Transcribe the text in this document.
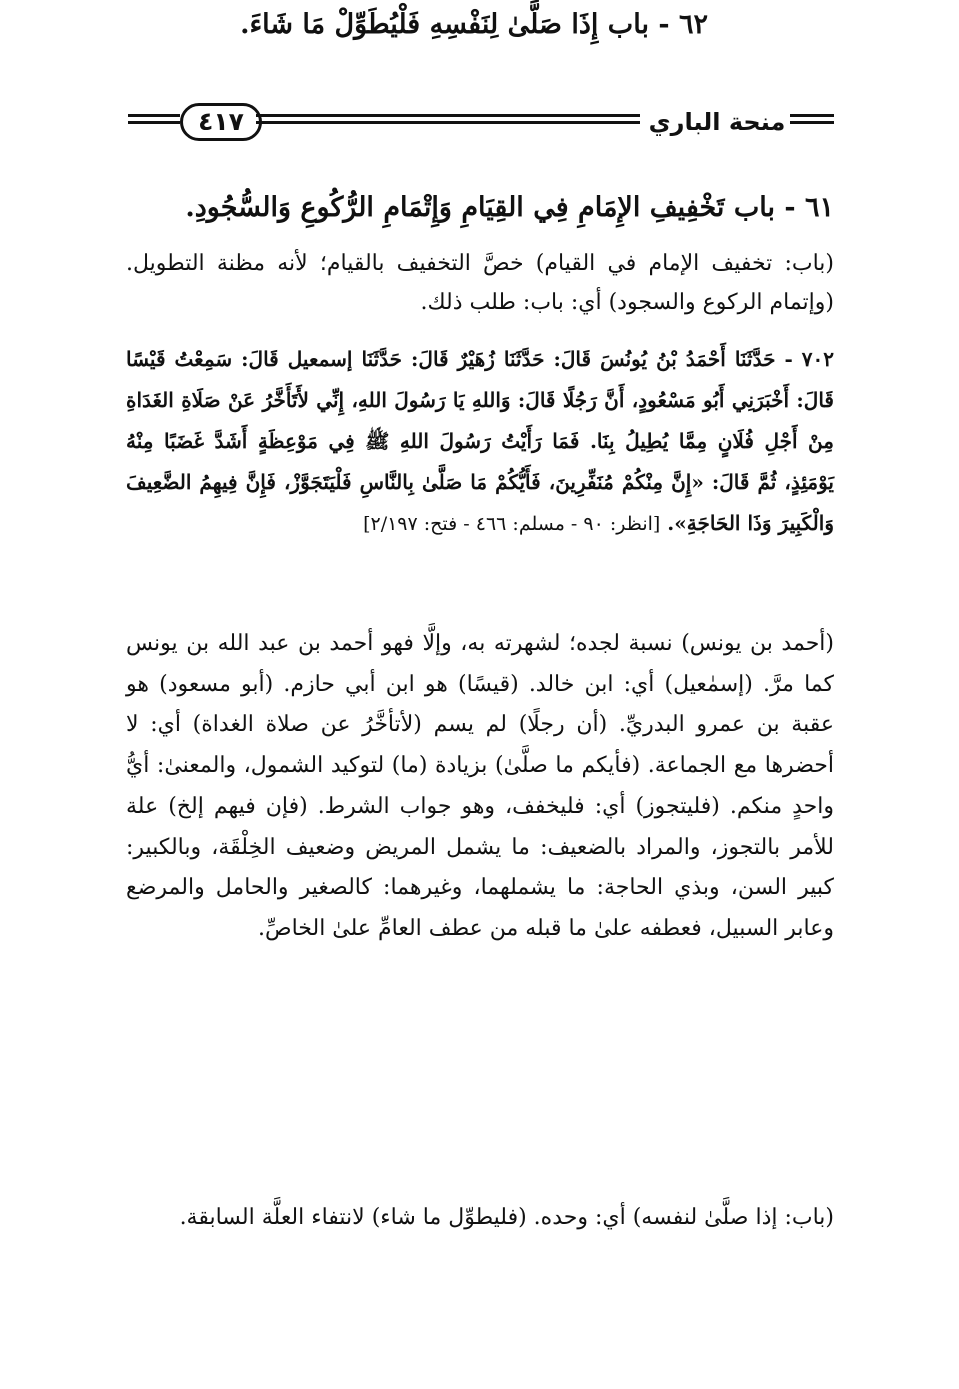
٤١٧	منحة الباري
٦١ - باب تَخْفِيفِ الإِمَامِ فِي القِيَامِ وَإِتْمَامِ الرُّكُوعِ وَالسُّجُودِ.
(باب: تخفيف الإمام في القيام) خصَّ التخفيف بالقيام؛ لأنه مظنة التطويل. (وإتمام الركوع والسجود) أي: باب: طلب ذلك.
٧٠٢ - حَدَّثَنَا أَحْمَدُ بْنُ يُونُسَ قَالَ: حَدَّثَنَا زُهَيْرٌ قَالَ: حَدَّثَنَا إسمعيل قَالَ: سَمِعْتُ قَيْسًا قَالَ: أَخْبَرَنِي أَبُو مَسْعُودٍ، أَنَّ رَجُلًا قَالَ: وَاللهِ يَا رَسُولَ اللهِ، إِنِّي لأَتَأَخَّرُ عَنْ صَلَاةِ الغَدَاةِ مِنْ أَجْلِ فُلَانٍ مِمَّا يُطِيلُ بِنَا. فَمَا رَأَيْتُ رَسُولَ اللهِ ﷺ فِي مَوْعِظَةٍ أَشَدَّ غَضَبًا مِنْهُ يَوْمَئِذٍ، ثُمَّ قَالَ: «إِنَّ مِنْكُمْ مُنَفِّرِينَ، فَأَيُّكُمْ مَا صَلَّىٰ بِالنَّاسِ فَلْيَتَجَوَّزْ، فَإِنَّ فِيهِمُ الضَّعِيفَ وَالْكَبِيرَ وَذَا الحَاجَةِ». [انظر: ٩٠ - مسلم: ٤٦٦ - فتح: ٢/١٩٧]
(أحمد بن يونس) نسبة لجده؛ لشهرته به، وإلَّا فهو أحمد بن عبد الله بن يونس كما مرَّ. (إسمٰعيل) أي: ابن خالد. (قيسًا) هو ابن أبي حازم. (أبو مسعود) هو عقبة بن عمرو البدريِّ. (أن رجلًا) لم يسم (لأتأخَّرُ عن صلاة الغداة) أي: لا أحضرها مع الجماعة. (فأيكم ما صلَّىٰ) بزيادة (ما) لتوكيد الشمول، والمعنىٰ: أيُّ واحدٍ منكم. (فليتجوز) أي: فليخفف، وهو جواب الشرط. (فإن فيهم إلخ) علة للأمر بالتجوز، والمراد بالضعيف: ما يشمل المريض وضعيف الخِلْقَة، وبالكبير: كبير السن، وبذي الحاجة: ما يشملهما، وغيرهما: كالصغير والحامل والمرضع وعابر السبيل، فعطفه علىٰ ما قبله من عطف العامِّ علىٰ الخاصِّ.
٦٢ - باب إِذَا صَلَّىٰ لِنَفْسِهِ فَلْيُطَوِّلْ مَا شَاءَ.
(باب: إذا صلَّىٰ لنفسه) أي: وحده. (فليطوِّل ما شاء) لانتفاء العلَّة السابقة.
